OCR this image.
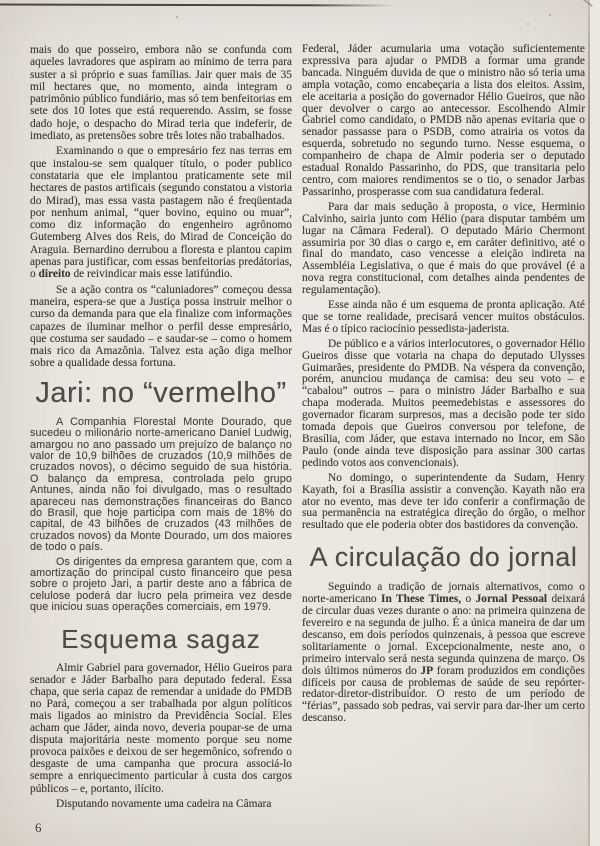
mais do que posseiro, embora não se confunda com aqueles lavradores que aspiram ao mínimo de terra para suster a si próprio e suas famílias. Jair quer mais de 35 mil hectares que, no momento, ainda integram o patrimônio público fundiário, mas só tem benfeitorias em sete dos 10 lotes que está requerendo. Assim, se fosse dado hoje, o despacho do Mirad teria que indeferir, de imediato, as pretensões sobre três lotes não trabalhados.

Examinando o que o empresário fez nas terras em que instalou-se sem qualquer título, o poder publico constataria que ele implantou praticamente sete mil hectares de pastos artificais (segundo constatou a vistoria do Mirad), mas essa vasta pastagem não é freqüentada por nenhum animal, “quer bovino, equino ou muar”, como diz informação do engenheiro agrônomo Gutemberg Alves dos Reis, do Mirad de Conceição do Araguia. Bernardino derrubou a floresta e plantou capim apenas para justificar, com essas benfeitorias predátorias, o direito de reivindicar mais esse latifúndio.

Se a ação contra os “caluniadores” começou dessa maneira, espera-se que a Justiça possa instruir melhor o curso da demanda para que ela finalize com informações capazes de iluminar melhor o perfil desse empresário, que costuma ser saudado – e saudar-se – como o homem mais rico da Amazônia. Talvez esta ação diga melhor sobre a qualidade dessa fortuna.

Jari: no “vermelho”

A Companhia Florestal Monte Dourado, que sucedeu o milionário norte-americano Daniel Ludwig, amargou no ano passado um prejuízo de balanço no valor de 10,9 bilhões de cruzados (10,9 milhões de cruzados novos), o décimo seguido de sua história. O balanço da empresa, controlada pelo grupo Antunes, ainda não foi divulgado, mas o resultado apareceu nas demonstrações financeiras do Banco do Brasil, que hoje participa com mais de 18% do capital, de 43 bilhões de cruzados (43 milhões de cruzados novos) da Monte Dourado, um dos maiores de todo o país.

Os dirigentes da empresa garantem que, com a amortização do principal custo financeiro que pesa sobre o projeto Jari, a partir deste ano a fábrica de celulose poderá dar lucro pela primeira vez desde que iniciou suas operações comerciais, em 1979.

Esquema sagaz

Almir Gabriel para governador, Hélio Gueiros para senador e Jáder Barbalho para deputado federal. Essa chapa, que seria capaz de remendar a unidade do PMDB no Pará, começou a ser trabalhada por algun políticos mais ligados ao ministro da Previdência Social. Eles acham que Jáder, ainda novo, deveria poupar-se de uma disputa majoritária neste momento porque seu nome provoca paixões e deixou de ser hegemônico, sofrendo o desgaste de uma campanha que procura associá-lo sempre a enriquecimento particular à custa dos cargos públicos – e, portanto, ilícito.

Disputando novamente uma cadeira na Câmara

Federal, Jáder acumularia uma votação suficientemente expressiva para ajudar o PMDB a formar uma grande bancada. Ninguém duvida de que o ministro não só teria uma ampla votação, como encabeçaria a lista dos eleitos. Assim, ele aceitaria a posição do governador Hélio Gueiros, que não quer devolver o cargo ao antecessor. Escolhendo Almir Gabriel como candidato, o PMDB não apenas evitaria que o senador passasse para o PSDB, como atrairia os votos da esquerda, sobretudo no segundo turno. Nesse esquema, o companheiro de chapa de Almir poderia ser o deputado estadual Ronaldo Passarinho, do PDS, que transitaria pelo centro, com maiores rendimentos se o tio, o senador Jarbas Passarinho, prosperasse com sua candidatura federal.

Para dar mais sedução à proposta, o vice, Herminio Calvinho, sairia junto com Hélio (para disputar também um lugar na Câmara Federal). O deputado Mário Chermont assumiria por 30 dias o cargo e, em caráter definitivo, até o final do mandato, caso vencesse a eleição indireta na Assembléia Legislativa, o que é mais do que provável (é a nova regra constitucional, com detalhes ainda pendentes de regulamentação).

Esse ainda não é um esquema de pronta aplicação. Até que se torne realidade, precisará vencer muitos obstáculos. Mas é o típico raciocínio pessedista-jaderista.

De público e a vários interlocutores, o governador Hélio Gueiros disse que votaria na chapa do deputado Ulysses Guimarães, presidente do PMDB. Na véspera da convenção, porém, anunciou mudança de camisa: deu seu voto – e “cabalou” outros – para o ministro Jáder Barbalho e sua chapa moderada. Muitos peemedebistas e assessores do governador ficaram surpresos, mas a decisão pode ter sido tomada depois que Gueiros conversou por telefone, de Brasília, com Jáder, que estava internado no Incor, em São Paulo (onde ainda teve disposição para assinar 300 cartas pedindo votos aos convencionais).

No domingo, o superintendente da Sudam, Henry Kayath, foi a Brasília assistir a convenção. Kayath não era ator no evento, mas deve ter ido conferir a confirmação de sua permanência na estratégica direção do órgão, o melhor resultado que ele poderia obter dos bastidores da convenção.

A circulação do jornal

Seguindo a tradição de jornais alternativos, como o norte-americano In These Times, o Jornal Pessoal deixará de circular duas vezes durante o ano: na primeira quinzena de fevereiro e na segunda de julho. É a única maneira de dar um descanso, em dois períodos quinzenais, à pessoa que escreve solitariamente o jornal. Excepcionalmente, neste ano, o primeiro intervalo será nesta segunda quinzena de março. Os dois últimos números do JP foram produzidos em condições difíceis por causa de problemas de saúde de seu repórter-redator-diretor-distribuidor. O resto de um período de “férias”, passado sob pedras, vai servir para dar-lher um certo descanso.

6
